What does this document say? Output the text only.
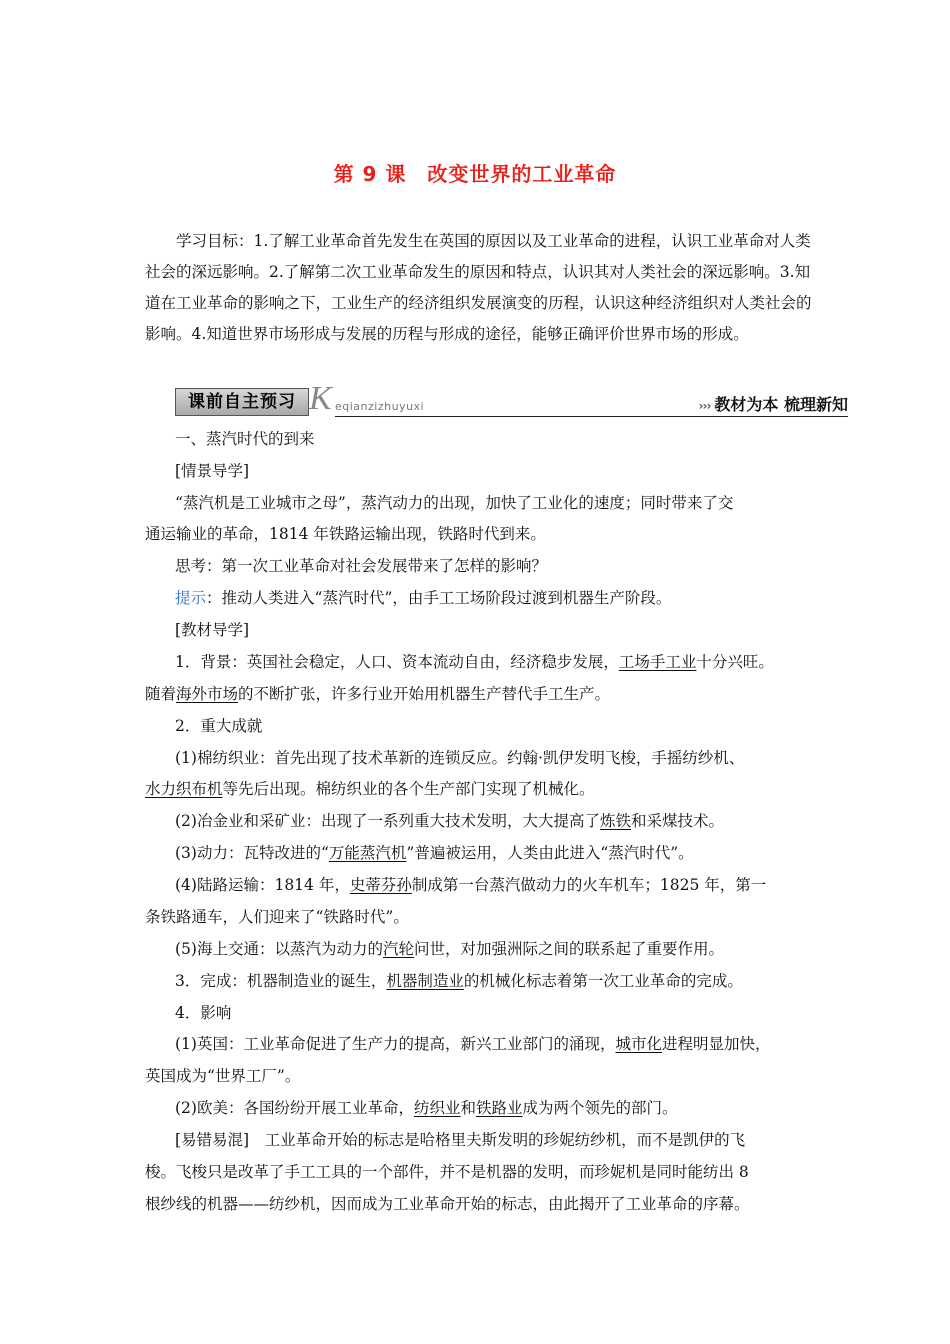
第 9 课　改变世界的工业革命
学习目标：1.了解工业革命首先发生在英国的原因以及工业革命的进程，认识工业革命对人类社会的深远影响。2.了解第二次工业革命发生的原因和特点，认识其对人类社会的深远影响。3.知道在工业革命的影响之下，工业生产的经济组织发展演变的历程，认识这种经济组织对人类社会的影响。4.知道世界市场形成与发展的历程与形成的途径，能够正确评价世界市场的形成。
课前自主预习 K eqianzizhuyuxi	››› 教材为本 梳理新知
一、蒸汽时代的到来
[情景导学]
“蒸汽机是工业城市之母”，蒸汽动力的出现，加快了工业化的速度；同时带来了交
通运输业的革命，1814 年铁路运输出现，铁路时代到来。
思考：第一次工业革命对社会发展带来了怎样的影响？
提示：推动人类进入“蒸汽时代”，由手工工场阶段过渡到机器生产阶段。
[教材导学]
1．背景：英国社会稳定，人口、资本流动自由，经济稳步发展，工场手工业十分兴旺。
随着海外市场的不断扩张，许多行业开始用机器生产替代手工生产。
2．重大成就
(1)棉纺织业：首先出现了技术革新的连锁反应。约翰·凯伊发明飞梭，手摇纺纱机、
水力织布机等先后出现。棉纺织业的各个生产部门实现了机械化。
(2)冶金业和采矿业：出现了一系列重大技术发明，大大提高了炼铁和采煤技术。
(3)动力：瓦特改进的“万能蒸汽机”普遍被运用，人类由此进入“蒸汽时代”。
(4)陆路运输：1814 年，史蒂芬孙制成第一台蒸汽做动力的火车机车；1825 年，第一
条铁路通车，人们迎来了“铁路时代”。
(5)海上交通：以蒸汽为动力的汽轮问世，对加强洲际之间的联系起了重要作用。
3．完成：机器制造业的诞生，机器制造业的机械化标志着第一次工业革命的完成。
4．影响
(1)英国：工业革命促进了生产力的提高，新兴工业部门的涌现，城市化进程明显加快，
英国成为“世界工厂”。
(2)欧美：各国纷纷开展工业革命，纺织业和铁路业成为两个领先的部门。
[易错易混]　工业革命开始的标志是哈格里夫斯发明的珍妮纺纱机，而不是凯伊的飞
梭。飞梭只是改革了手工工具的一个部件，并不是机器的发明，而珍妮机是同时能纺出 8
根纱线的机器——纺纱机，因而成为工业革命开始的标志，由此揭开了工业革命的序幕。
